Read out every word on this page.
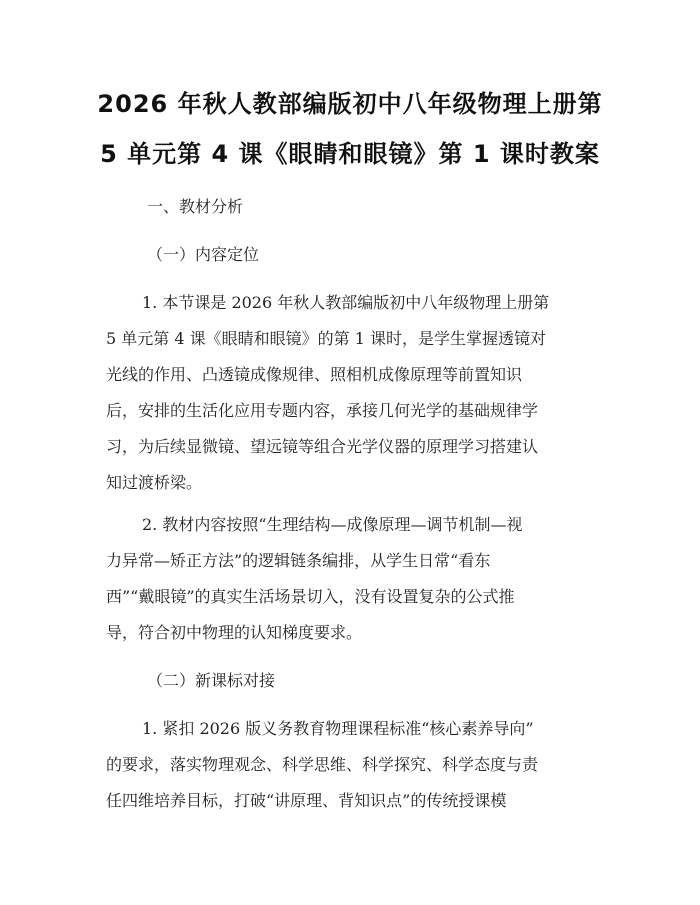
2026 年秋人教部编版初中八年级物理上册第
5 单元第 4 课《眼睛和眼镜》第 1 课时教案
一、教材分析
（一）内容定位
1. 本节课是 2026 年秋人教部编版初中八年级物理上册第
5 单元第 4 课《眼睛和眼镜》的第 1 课时，是学生掌握透镜对
光线的作用、凸透镜成像规律、照相机成像原理等前置知识
后，安排的生活化应用专题内容，承接几何光学的基础规律学
习，为后续显微镜、望远镜等组合光学仪器的原理学习搭建认
知过渡桥梁。
2. 教材内容按照“生理结构—成像原理—调节机制—视
力异常—矫正方法”的逻辑链条编排，从学生日常“看东
西”“戴眼镜”的真实生活场景切入，没有设置复杂的公式推
导，符合初中物理的认知梯度要求。
（二）新课标对接
1. 紧扣 2026 版义务教育物理课程标准“核心素养导向”
的要求，落实物理观念、科学思维、科学探究、科学态度与责
任四维培养目标，打破“讲原理、背知识点”的传统授课模
